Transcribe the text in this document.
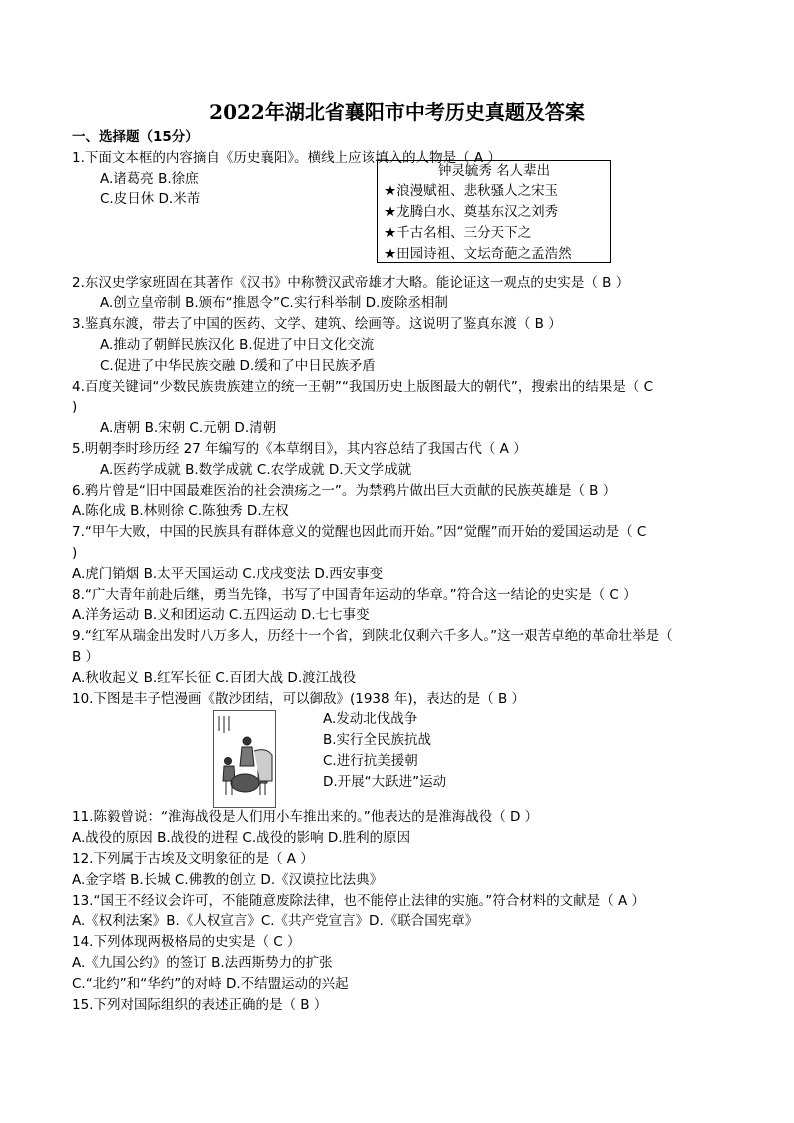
2022年湖北省襄阳市中考历史真题及答案
一、选择题（15分）
1.下面文本框的内容摘自《历史襄阳》。横线上应该填入的人物是（ A ）
A.诸葛亮 B.徐庶
C.皮日休 D.米芾
钟灵毓秀 名人辈出
★浪漫赋祖、悲秋骚人之宋玉
★龙腾白水、奠基东汉之刘秀
★千古名相、三分天下之
★田园诗祖、文坛奇葩之孟浩然
2.东汉史学家班固在其著作《汉书》中称赞汉武帝雄才大略。能论证这一观点的史实是（ B ）
A.创立皇帝制 B.颁布“推恩令”C.实行科举制 D.废除丞相制
3.鉴真东渡，带去了中国的医药、文学、建筑、绘画等。这说明了鉴真东渡（ B ）
A.推动了朝鲜民族汉化 B.促进了中日文化交流
C.促进了中华民族交融 D.缓和了中日民族矛盾
4.百度关键词“少数民族贵族建立的统一王朝”“我国历史上版图最大的朝代”，搜索出的结果是（ C
)
A.唐朝 B.宋朝 C.元朝 D.清朝
5.明朝李时珍历经 27 年编写的《本草纲目》，其内容总结了我国古代（ A ）
A.医药学成就 B.数学成就 C.农学成就 D.天文学成就
6.鸦片曾是“旧中国最难医治的社会溃疡之一”。为禁鸦片做出巨大贡献的民族英雄是（ B ）
A.陈化成 B.林则徐 C.陈独秀 D.左权
7.“甲午大败，中国的民族具有群体意义的觉醒也因此而开始。”因“觉醒”而开始的爱国运动是（ C
)
A.虎门销烟 B.太平天国运动 C.戊戌变法 D.西安事变
8.“广大青年前赴后继，勇当先锋，书写了中国青年运动的华章。”符合这一结论的史实是（ C ）
A.洋务运动 B.义和团运动 C.五四运动 D.七七事变
9.“红军从瑞金出发时八万多人，历经十一个省，到陕北仅剩六千多人。”这一艰苦卓绝的革命壮举是（
B ）
A.秋收起义 B.红军长征 C.百团大战 D.渡江战役
10.下图是丰子恺漫画《散沙团结，可以御敌》(1938 年)，表达的是（ B ）
A.发动北伐战争
B.实行全民族抗战
C.进行抗美援朝
D.开展“大跃进”运动
11.陈毅曾说：“淮海战役是人们用小车推出来的。”他表达的是淮海战役（ D ）
A.战役的原因 B.战役的进程 C.战役的影响 D.胜利的原因
12.下列属于古埃及文明象征的是（ A ）
A.金字塔 B.长城 C.佛教的创立 D.《汉谟拉比法典》
13.“国王不经议会许可，不能随意废除法律，也不能停止法律的实施。”符合材料的文献是（ A ）
A.《权利法案》B.《人权宣言》C.《共产党宣言》D.《联合国宪章》
14.下列体现两极格局的史实是（ C ）
A.《九国公约》的签订 B.法西斯势力的扩张
C.“北约”和“华约”的对峙 D.不结盟运动的兴起
15.下列对国际组织的表述正确的是（ B ）
